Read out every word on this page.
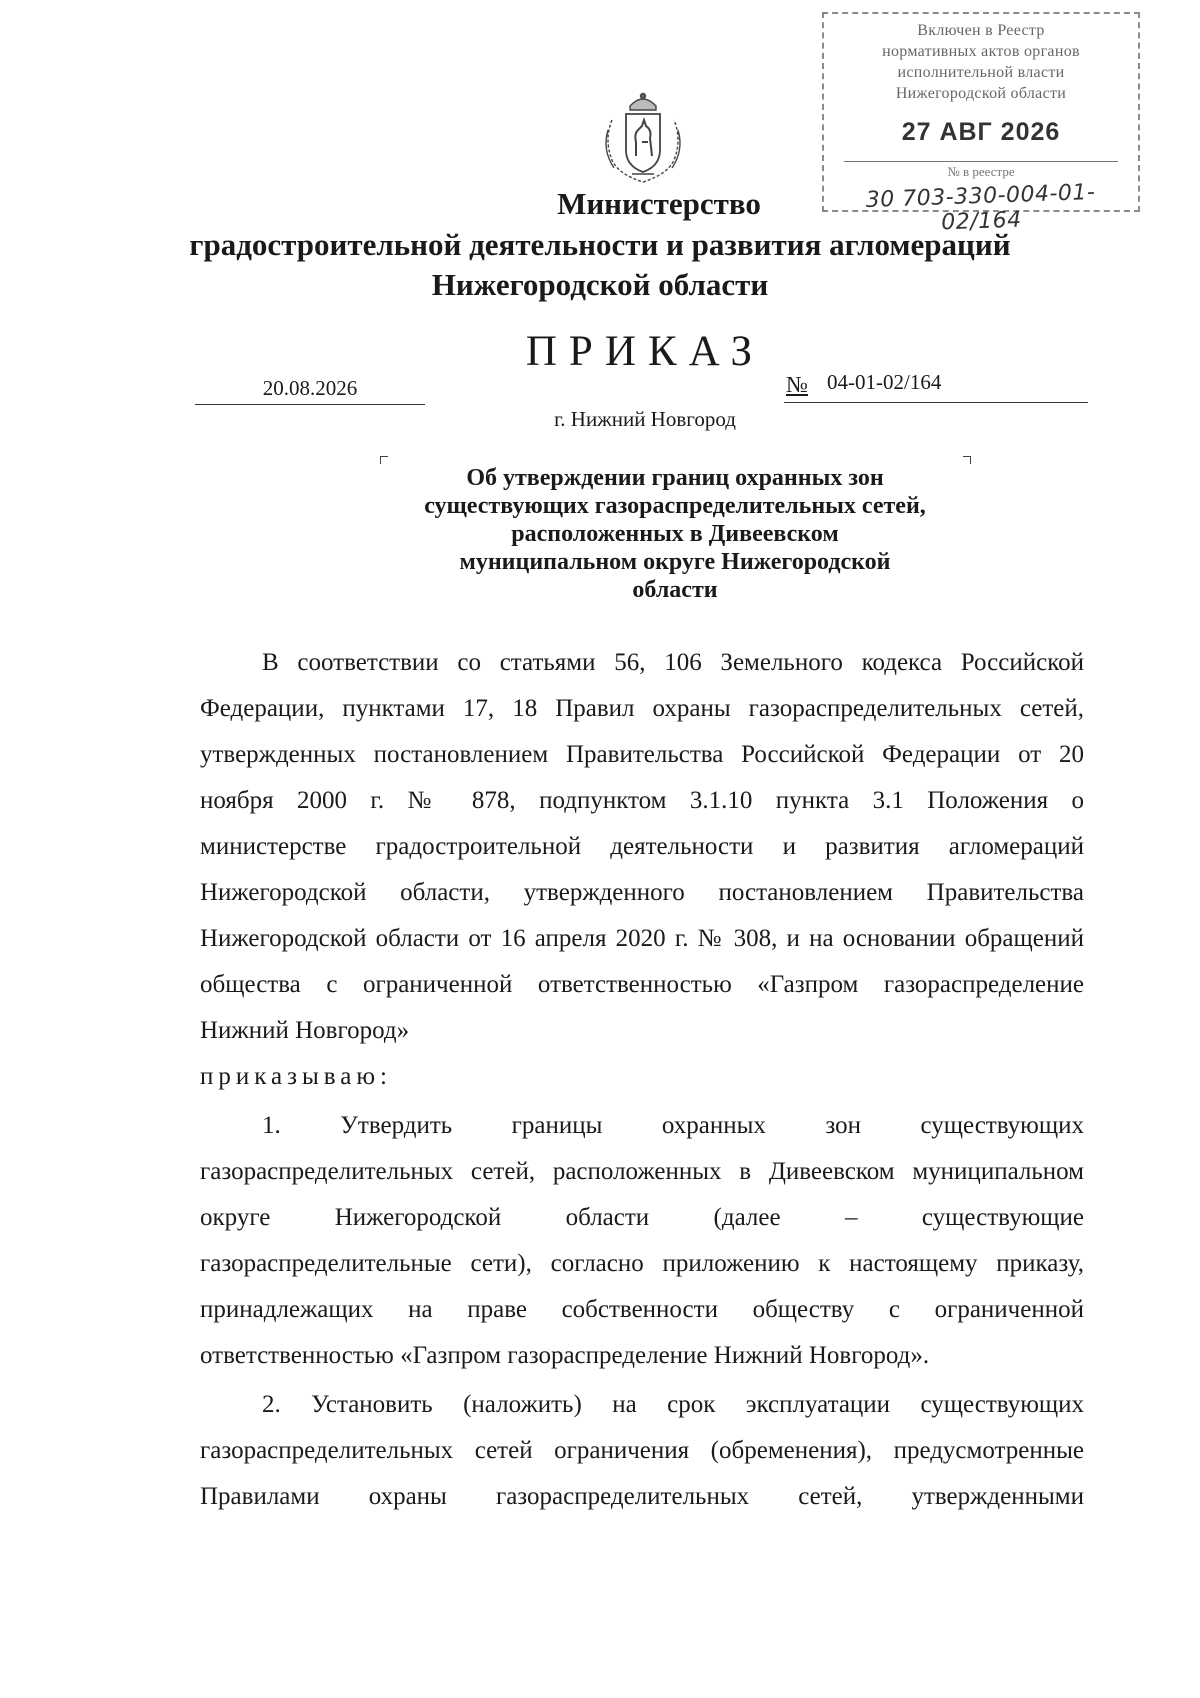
Включен в Реестр
нормативных актов органов
исполнительной власти
Нижегородской области
27 АВГ 2026
№ в реестре
30 703-330-004-01-02/164
Министерство
градостроительной деятельности и развития агломераций
Нижегородской области
ПРИКАЗ
20.08.2026	№ 04-01-02/164
г. Нижний Новгород
Об утверждении границ охранных зон
существующих газораспределительных сетей,
расположенных в Дивеевском
муниципальном округе Нижегородской
области
В соответствии со статьями 56, 106 Земельного кодекса Российской
Федерации, пунктами 17, 18 Правил охраны газораспределительных сетей,
утвержденных постановлением Правительства Российской Федерации от 20
ноября 2000 г. № 878, подпунктом 3.1.10 пункта 3.1 Положения о
министерстве градостроительной деятельности и развития агломераций
Нижегородской области, утвержденного постановлением Правительства
Нижегородской области от 16 апреля 2020 г. № 308, и на основании обращений
общества с ограниченной ответственностью «Газпром газораспределение
Нижний Новгород»
приказываю:
1. Утвердить границы охранных зон существующих
газораспределительных сетей, расположенных в Дивеевском муниципальном
округе Нижегородской области (далее – существующие
газораспределительные сети), согласно приложению к настоящему приказу,
принадлежащих на праве собственности обществу с ограниченной
ответственностью «Газпром газораспределение Нижний Новгород».
2. Установить (наложить) на срок эксплуатации существующих
газораспределительных сетей ограничения (обременения), предусмотренные
Правилами охраны газораспределительных сетей, утвержденными
